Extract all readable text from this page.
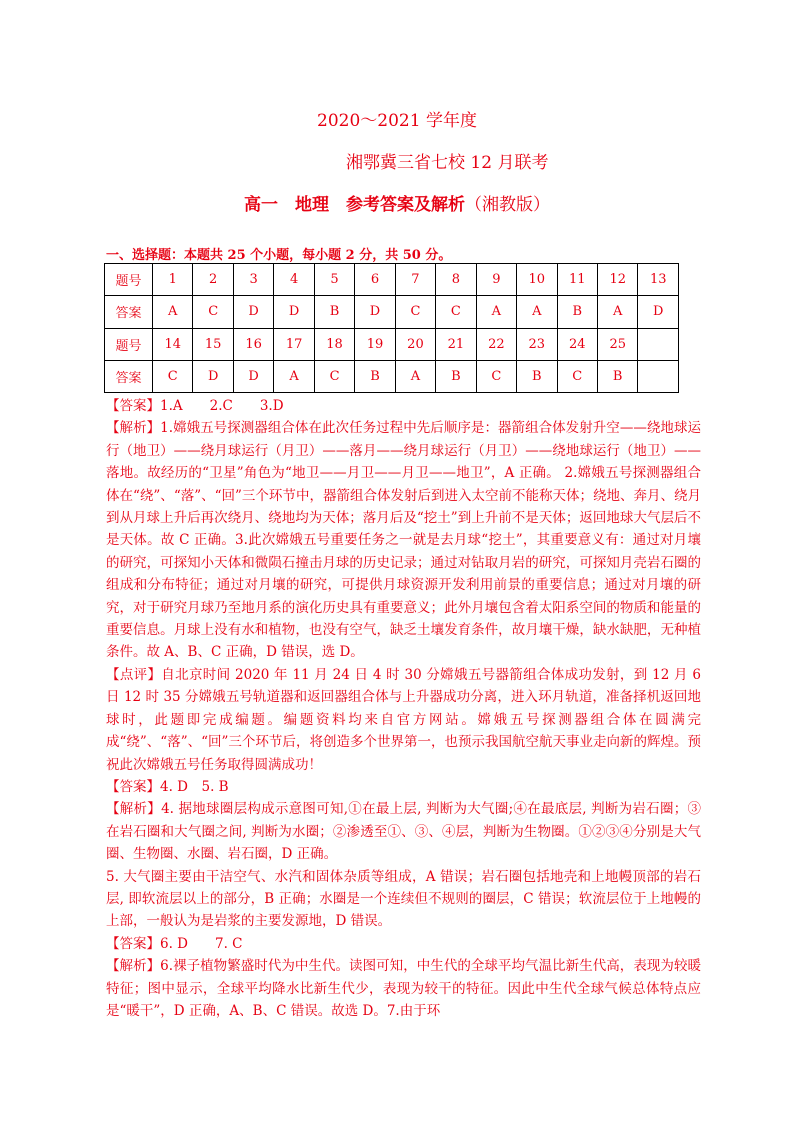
2020～2021 学年度
湘鄂冀三省七校 12 月联考
高一　地理　参考答案及解析（湘教版）
一、选择题：本题共 25 个小题，每小题 2 分，共 50 分。
题号	1	2	3	4	5	6	7	8	9	10	11	12	13
答案	A	C	D	D	B	D	C	C	A	A	B	A	D
题号	14	15	16	17	18	19	20	21	22	23	24	25	
答案	C	D	D	A	C	B	A	B	C	B	C	B	

【答案】1.A　　2.C　　3.D

【解析】1.嫦娥五号探测器组合体在此次任务过程中先后顺序是：器箭组合体发射升空——绕地球运行（地卫）——绕月球运行（月卫）——落月——绕月球运行（月卫）——绕地球运行（地卫）——落地。故经历的“卫星”角色为“地卫——月卫——月卫——地卫”，A 正确。 2.嫦娥五号探测器组合体在“绕”、“落”、“回”三个环节中，器箭组合体发射后到进入太空前不能称天体；绕地、奔月、绕月到从月球上升后再次绕月、绕地均为天体；落月后及“挖土”到上升前不是天体；返回地球大气层后不是天体。故 C 正确。3.此次嫦娥五号重要任务之一就是去月球“挖土”，其重要意义有：通过对月壤的研究，可探知小天体和微陨石撞击月球的历史记录；通过对钻取月岩的研究，可探知月壳岩石圈的组成和分布特征；通过对月壤的研究，可提供月球资源开发利用前景的重要信息；通过对月壤的研究，对于研究月球乃至地月系的演化历史具有重要意义；此外月壤包含着太阳系空间的物质和能量的重要信息。月球上没有水和植物，也没有空气，缺乏土壤发育条件，故月壤干燥，缺水缺肥，无种植条件。故 A、B、C 正确，D 错误，选 D。

【点评】自北京时间 2020 年 11 月 24 日 4 时 30 分嫦娥五号器箭组合体成功发射，到 12 月 6 日 12 时 35 分嫦娥五号轨道器和返回器组合体与上升器成功分离，进入环月轨道，准备择机返回地球时，此题即完成编题。编题资料均来自官方网站。嫦娥五号探测器组合体在圆满完成“绕”、“落”、“回”三个环节后，将创造多个世界第一，也预示我国航空航天事业走向新的辉煌。预祝此次嫦娥五号任务取得圆满成功！

【答案】4. D　5. B

【解析】4. 据地球圈层构成示意图可知,①在最上层, 判断为大气圈;④在最底层, 判断为岩石圈；③在岩石圈和大气圈之间, 判断为水圈；②渗透至①、③、④层，判断为生物圈。①②③④分别是大气圈、生物圈、水圈、岩石圈，D 正确。

5. 大气圈主要由干洁空气、水汽和固体杂质等组成，A 错误；岩石圈包括地壳和上地幔顶部的岩石层, 即软流层以上的部分，B 正确；水圈是一个连续但不规则的圈层，C 错误；软流层位于上地幔的上部，一般认为是岩浆的主要发源地，D 错误。

【答案】6. D　　7. C

【解析】6.裸子植物繁盛时代为中生代。读图可知，中生代的全球平均气温比新生代高，表现为较暖特征；图中显示，全球平均降水比新生代少，表现为较干的特征。因此中生代全球气候总体特点应是“暖干”，D 正确，A、B、C 错误。故选 D。7.由于环
